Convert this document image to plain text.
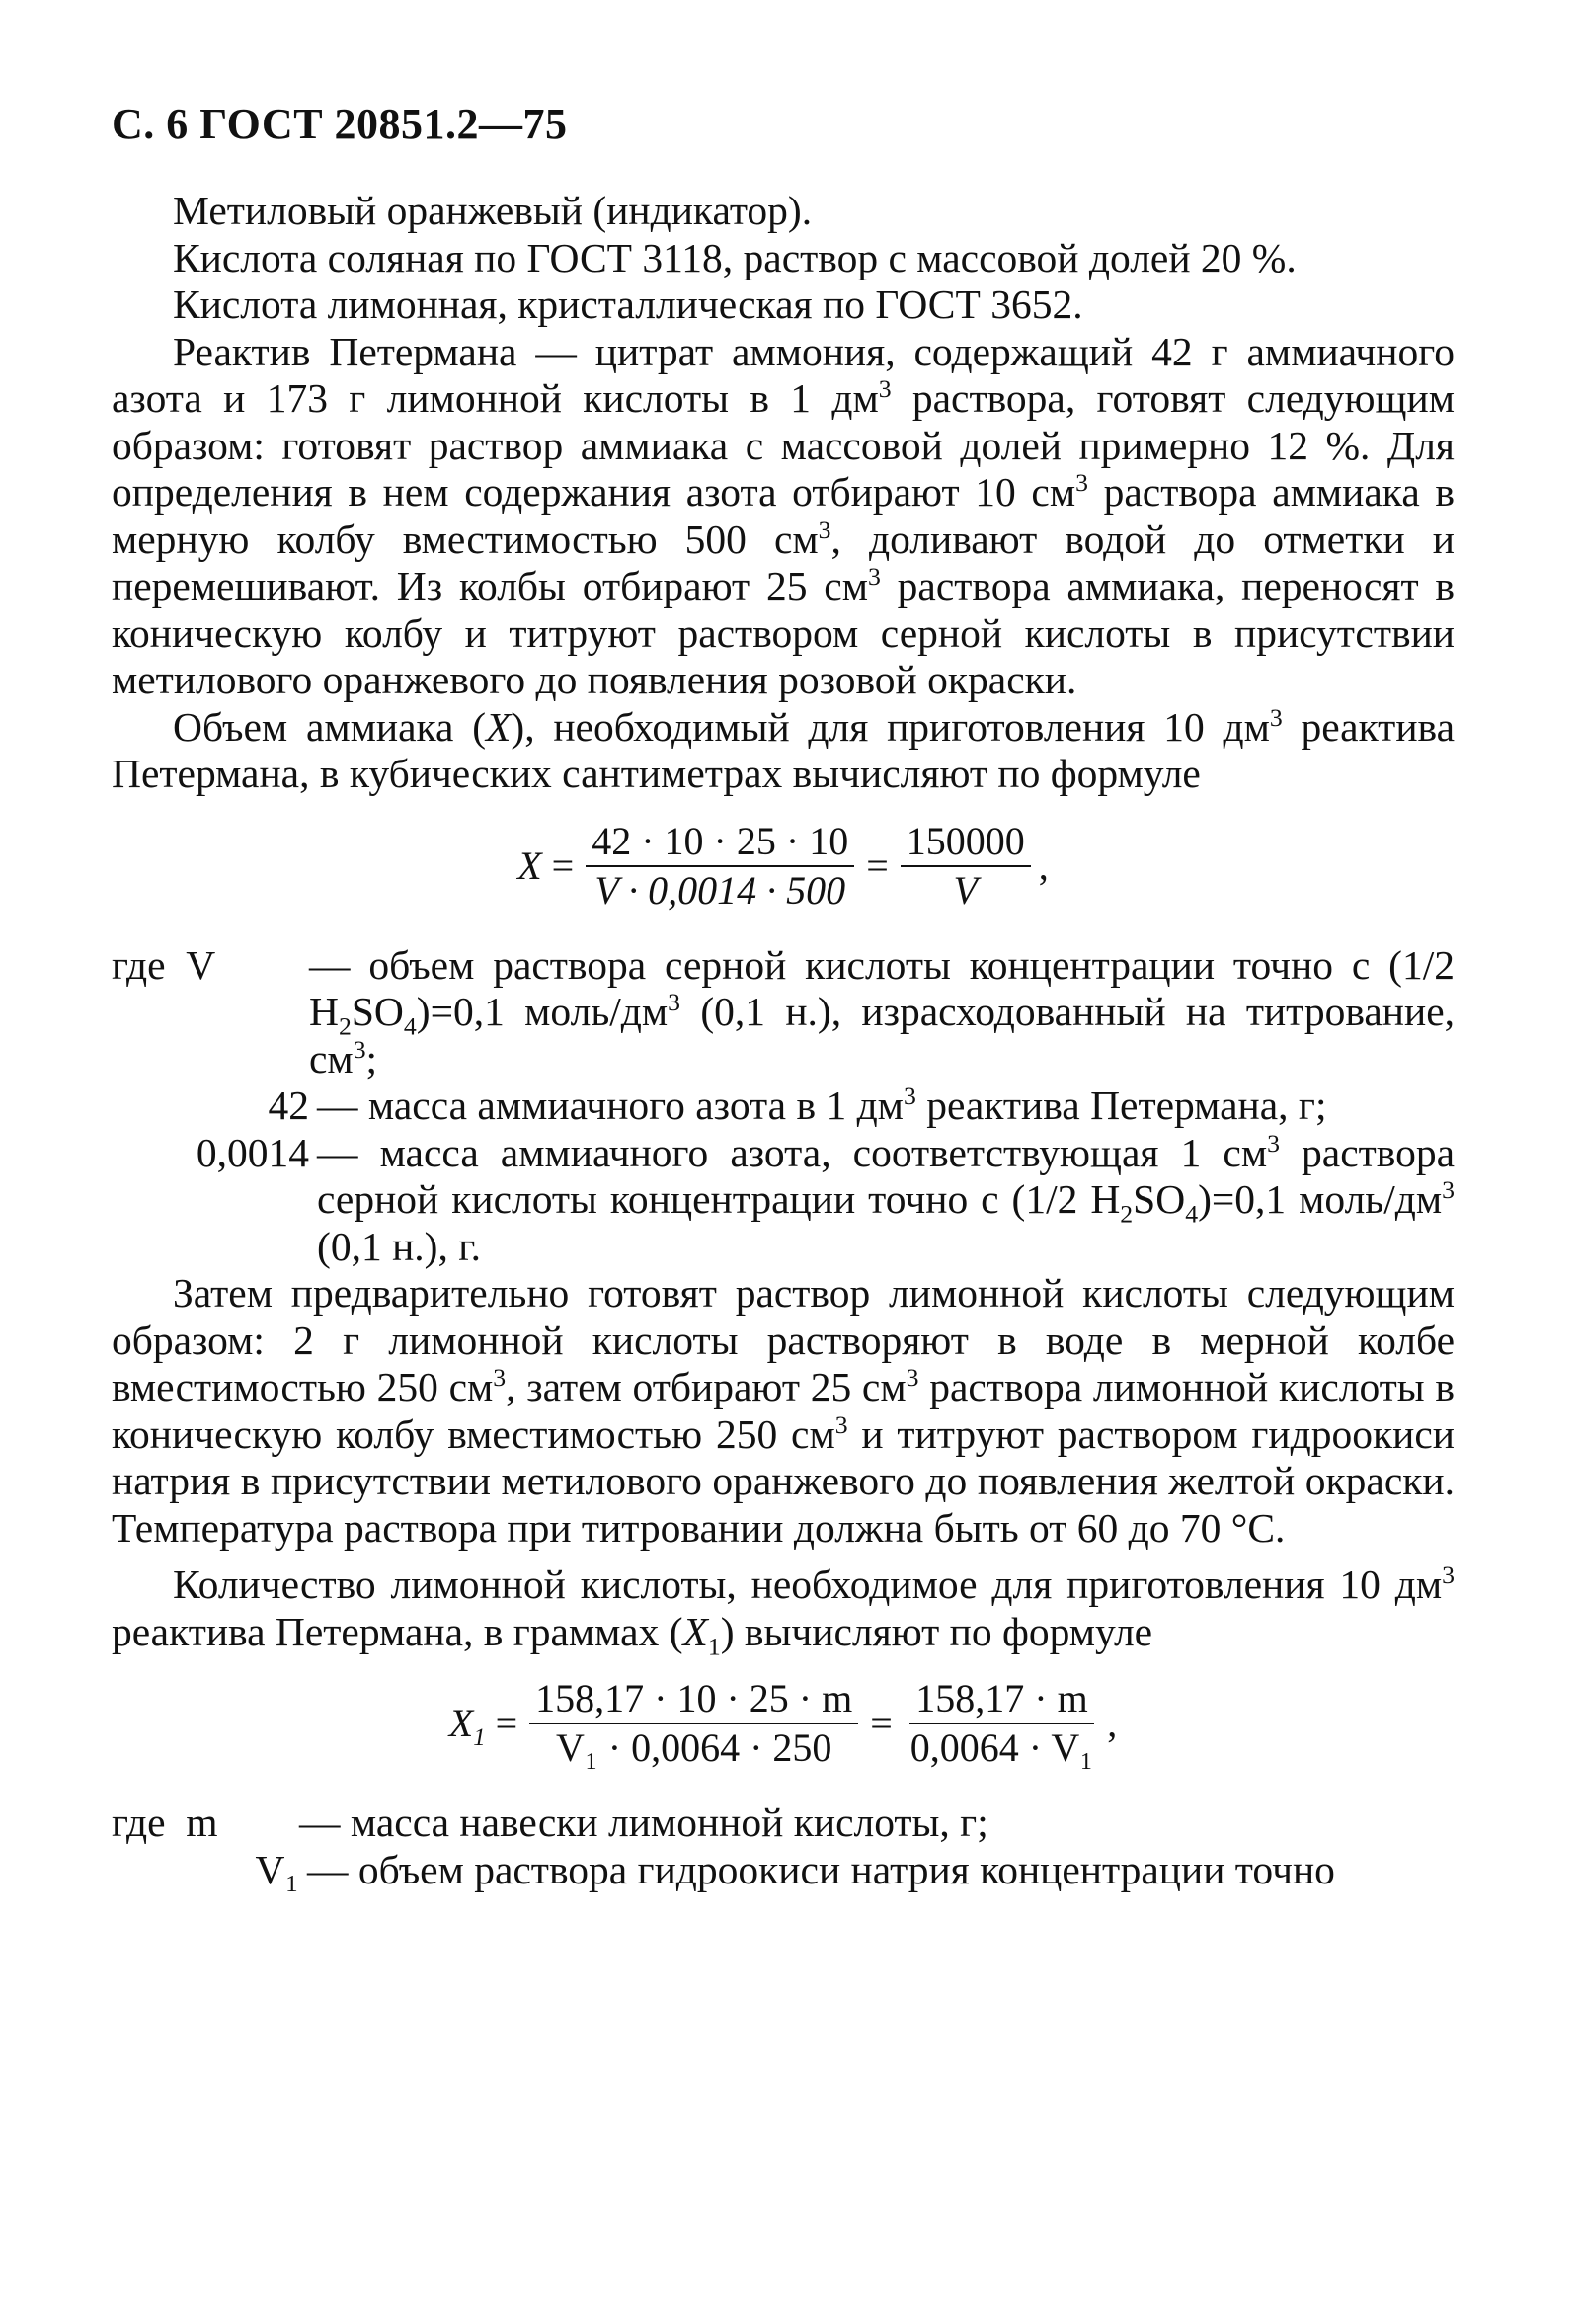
С. 6 ГОСТ 20851.2—75

Метиловый оранжевый (индикатор).

Кислота соляная по ГОСТ 3118, раствор с массовой долей 20 %.

Кислота лимонная, кристаллическая по ГОСТ 3652.

Реактив Петермана — цитрат аммония, содержащий 42 г аммиачного азота и 173 г лимонной кислоты в 1 $дм^3$ раствора, готовят следующим образом: готовят раствор аммиака с массовой долей примерно 12 %. Для определения в нем содержания азота отбирают 10 $см^3$ раствора аммиака в мерную колбу вместимостью 500 $см^3$, доливают водой до отметки и перемешивают. Из колбы отбирают 25 $см^3$ раствора аммиака, переносят в коническую колбу и титруют раствором серной кислоты в присутствии метилового оранжевого до появления розовой окраски.

Объем аммиака (X), необходимый для приготовления 10 $дм^3$ реактива Петермана, в кубических сантиметрах вычисляют по формуле

$X = \frac{42 \cdot 10 \cdot 25 \cdot 10}{V \cdot 0,0014 \cdot 500} = \frac{150000}{V}$ ,
где  V	— объем раствора серной кислоты концентрации точно c (1/2 $H_2SO_4)=0,1$ моль/$дм^3$ (0,1 н.), израсходованный на титрование, $см^3$;
42 — масса аммиачного азота в 1 $дм^3$ реактива Петермана, г;
0,0014 — масса аммиачного азота, соответствующая 1 $см^3$ раствора серной кислоты концентрации точно c (1/2 $H_2SO_4)=0,1$ моль/$дм^3$ (0,1 н.), г.

Затем предварительно готовят раствор лимонной кислоты следующим образом: 2 г лимонной кислоты растворяют в воде в мерной колбе вместимостью 250 $см^3$, затем отбирают 25 $см^3$ раствора лимонной кислоты в коническую колбу вместимостью 250 $см^3$ и титруют раствором гидроокиси натрия в присутствии метилового оранжевого до появления желтой окраски. Температура раствора при титровании должна быть от 60 до 70 °С.

Количество лимонной кислоты, необходимое для приготовления 10 $дм^3$ реактива Петермана, в граммах $(X_1)$ вычисляют по формуле

$X_1 = \frac{158,17 \cdot 10 \cdot 25 \cdot m}{\text{V₁ · 0,0064 · 250}} = \frac{158,17 \cdot m}{\text{0,0064 · V₁}}$ ,
где  m	— масса навески лимонной кислоты, г;
V₁ — объем раствора гидроокиси натрия концентрации точно
